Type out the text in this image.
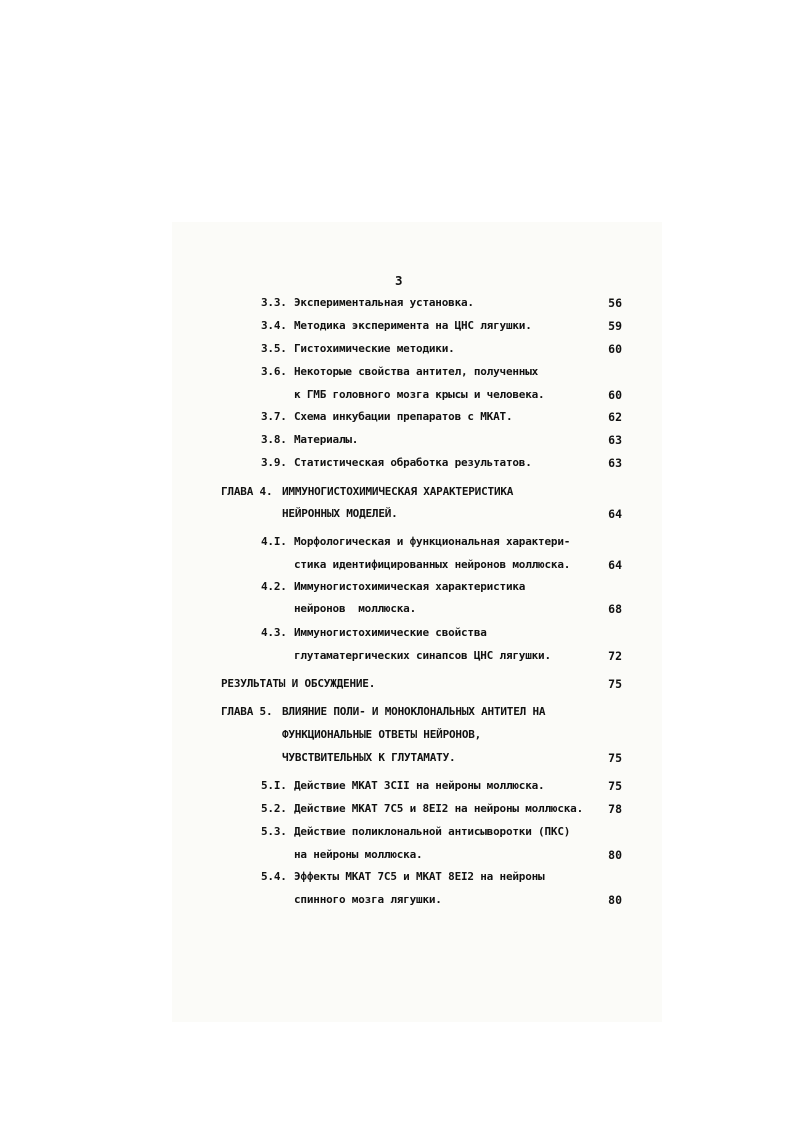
3
3.3. Экспериментальная установка.	56
3.4. Методика эксперимента на ЦНС лягушки.	59
3.5. Гистохимические методики.	60
3.6. Некоторые свойства антител, полученных
к ГМБ головного мозга крысы и человека.	60
3.7. Схема инкубации препаратов с МКАТ.	62
3.8. Материалы.	63
3.9. Статистическая обработка результатов.	63
ГЛАВА 4. ИММУНОГИСТОХИМИЧЕСКАЯ ХАРАКТЕРИСТИКА
НЕЙРОННЫХ МОДЕЛЕЙ.	64
4.I. Морфологическая и функциональная характери-
стика идентифицированных нейронов моллюска.	64
4.2. Иммуногистохимическая характеристика
нейронов  моллюска.	68
4.3. Иммуногистохимические свойства
глутаматергических синапсов ЦНС лягушки.	72
РЕЗУЛЬТАТЫ И ОБСУЖДЕНИЕ.	75
ГЛАВА 5. ВЛИЯНИЕ ПОЛИ- И МОНОКЛОНАЛЬНЫХ АНТИТЕЛ НА
ФУНКЦИОНАЛЬНЫЕ ОТВЕТЫ НЕЙРОНОВ,
ЧУВСТВИТЕЛЬНЫХ К ГЛУТАМАТУ.	75
5.I. Действие МКАТ 3СII на нейроны моллюска.	75
5.2. Действие МКАТ 7С5 и 8ЕI2 на нейроны моллюска.	78
5.3. Действие поликлональной антисыворотки (ПКС)
на нейроны моллюска.	80
5.4. Эффекты МКАТ 7С5 и МКАТ 8ЕI2 на нейроны
спинного мозга лягушки.	80
